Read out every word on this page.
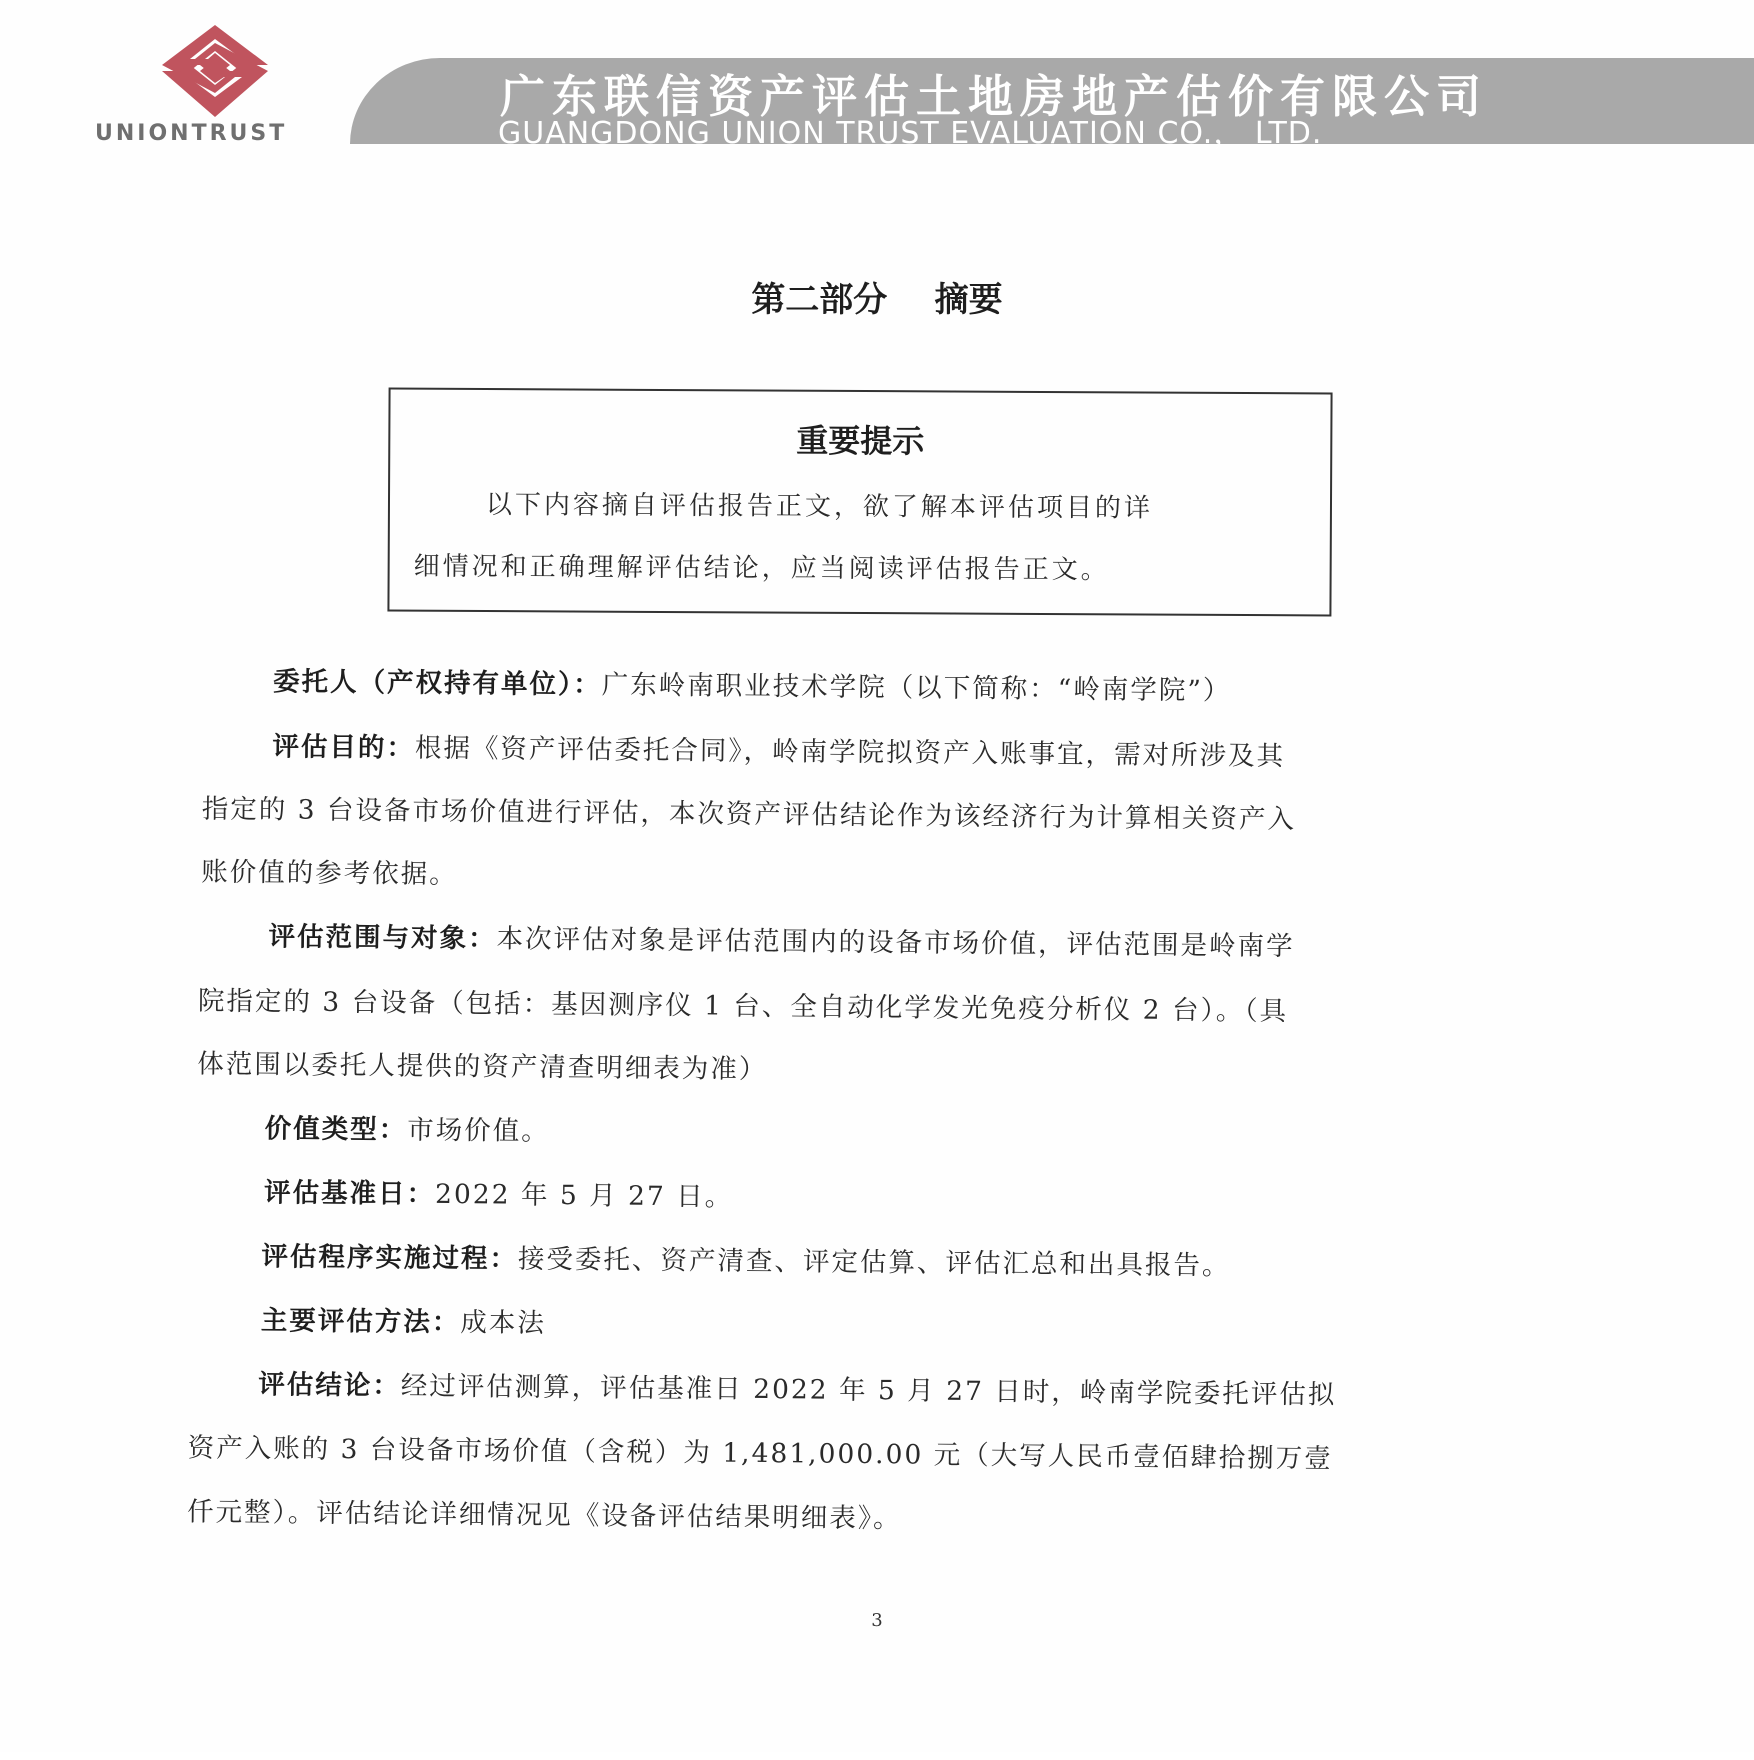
UNIONTRUST
广东联信资产评估土地房地产估价有限公司
GUANGDONG UNION TRUST EVALUATION CO.， LTD.
第二部分    摘要
重要提示
以下内容摘自评估报告正文，欲了解本评估项目的详
细情况和正确理解评估结论，应当阅读评估报告正文。
委托人（产权持有单位）：广东岭南职业技术学院（以下简称：“岭南学院”）
评估目的：根据《资产评估委托合同》，岭南学院拟资产入账事宜，需对所涉及其
指定的 3 台设备市场价值进行评估，本次资产评估结论作为该经济行为计算相关资产入
账价值的参考依据。
评估范围与对象：本次评估对象是评估范围内的设备市场价值，评估范围是岭南学
院指定的 3 台设备（包括：基因测序仪 1 台、全自动化学发光免疫分析仪 2 台）。（具
体范围以委托人提供的资产清查明细表为准）
价值类型：市场价值。
评估基准日：2022 年 5 月 27 日。
评估程序实施过程：接受委托、资产清查、评定估算、评估汇总和出具报告。
主要评估方法：成本法
评估结论：经过评估测算，评估基准日 2022 年 5 月 27 日时，岭南学院委托评估拟
资产入账的 3 台设备市场价值（含税）为 1,481,000.00 元（大写人民币壹佰肆拾捌万壹
仟元整）。评估结论详细情况见《设备评估结果明细表》。
3
